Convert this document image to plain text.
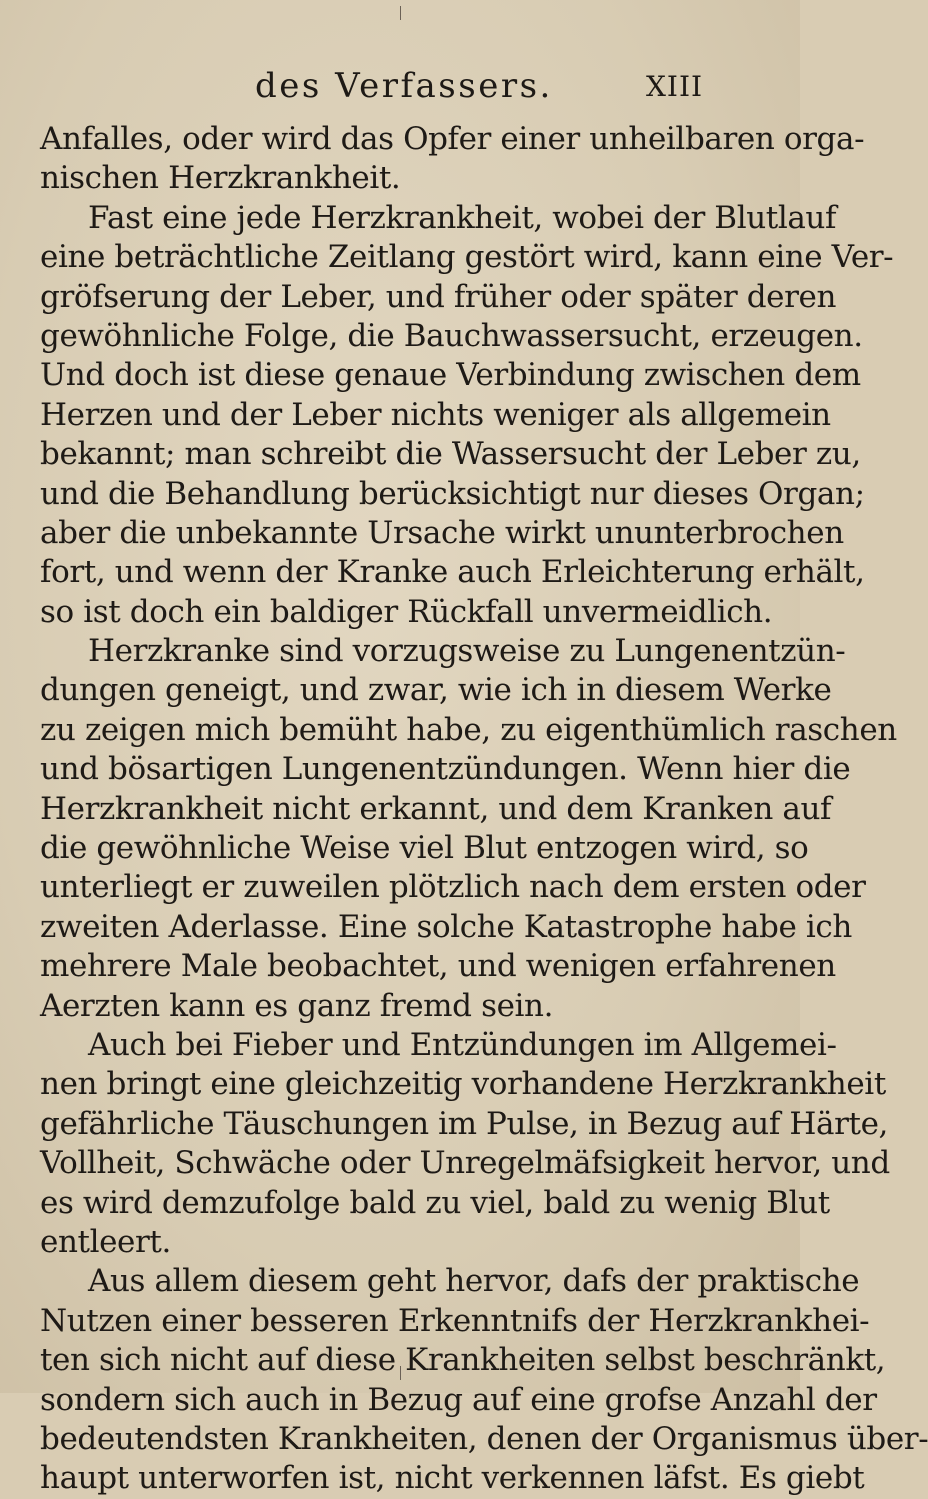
des Verfassers.	XIII
Anfalles, oder wird das Opfer einer unheilbaren orga-
nischen Herzkrankheit.
Fast eine jede Herzkrankheit, wobei der Blutlauf
eine beträchtliche Zeitlang gestört wird, kann eine Ver-
gröfserung der Leber, und früher oder später deren
gewöhnliche Folge, die Bauchwassersucht, erzeugen.
Und doch ist diese genaue Verbindung zwischen dem
Herzen und der Leber nichts weniger als allgemein
bekannt; man schreibt die Wassersucht der Leber zu,
und die Behandlung berücksichtigt nur dieses Organ;
aber die unbekannte Ursache wirkt ununterbrochen
fort, und wenn der Kranke auch Erleichterung erhält,
so ist doch ein baldiger Rückfall unvermeidlich.
Herzkranke sind vorzugsweise zu Lungenentzün-
dungen geneigt, und zwar, wie ich in diesem Werke
zu zeigen mich bemüht habe, zu eigenthümlich raschen
und bösartigen Lungenentzündungen. Wenn hier die
Herzkrankheit nicht erkannt, und dem Kranken auf
die gewöhnliche Weise viel Blut entzogen wird, so
unterliegt er zuweilen plötzlich nach dem ersten oder
zweiten Aderlasse. Eine solche Katastrophe habe ich
mehrere Male beobachtet, und wenigen erfahrenen
Aerzten kann es ganz fremd sein.
Auch bei Fieber und Entzündungen im Allgemei-
nen bringt eine gleichzeitig vorhandene Herzkrankheit
gefährliche Täuschungen im Pulse, in Bezug auf Härte,
Vollheit, Schwäche oder Unregelmäfsigkeit hervor, und
es wird demzufolge bald zu viel, bald zu wenig Blut
entleert.
Aus allem diesem geht hervor, dafs der praktische
Nutzen einer besseren Erkenntnifs der Herzkrankhei-
ten sich nicht auf diese Krankheiten selbst beschränkt,
sondern sich auch in Bezug auf eine grofse Anzahl der
bedeutendsten Krankheiten, denen der Organismus über-
haupt unterworfen ist, nicht verkennen läfst. Es giebt
